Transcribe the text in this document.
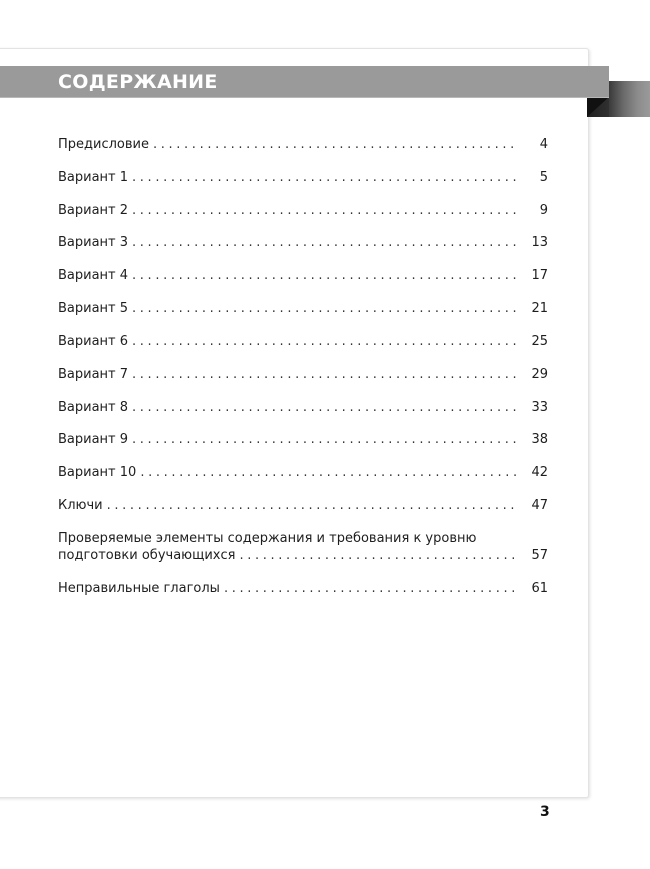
СОДЕРЖАНИЕ
Предисловие . . .	4
Вариант 1 . . .	5
Вариант 2 . . .	9
Вариант 3 . . .	13
Вариант 4 . . .	17
Вариант 5 . . .	21
Вариант 6 . . .	25
Вариант 7 . . .	29
Вариант 8 . . .	33
Вариант 9 . . .	38
Вариант 10 . . .	42
Ключи . . .	47
Проверяемые элементы содержания и требования к уровню
подготовки обучающихся . . .	57
Неправильные глаголы . . .	61
3
